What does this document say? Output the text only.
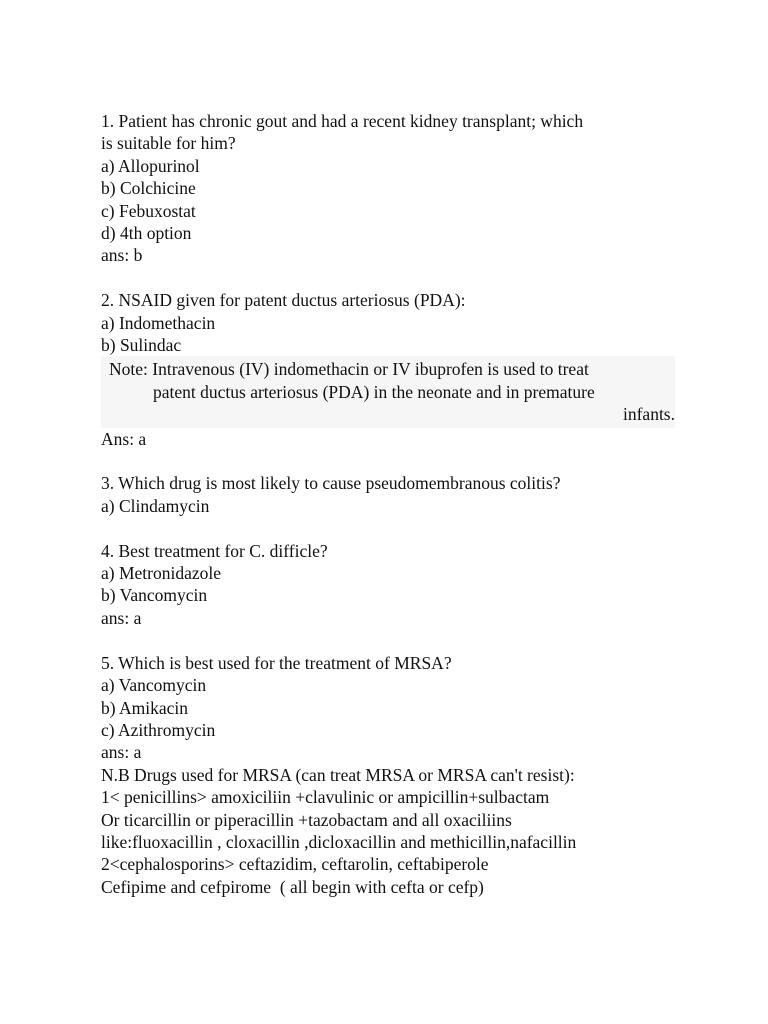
1. Patient has chronic gout and had a recent kidney transplant; which
is suitable for him?
a) Allopurinol
b) Colchicine
c) Febuxostat
d) 4th option
ans: b
2. NSAID given for patent ductus arteriosus (PDA):
a) Indomethacin
b) Sulindac
Note: Intravenous (IV) indomethacin or IV ibuprofen is used to treat
patent ductus arteriosus (PDA) in the neonate and in premature
infants.
Ans: a
3. Which drug is most likely to cause pseudomembranous colitis?
a) Clindamycin
4. Best treatment for C. difficle?
a) Metronidazole
b) Vancomycin
ans: a
5. Which is best used for the treatment of MRSA?
a) Vancomycin
b) Amikacin
c) Azithromycin
ans: a
N.B Drugs used for MRSA (can treat MRSA or MRSA can't resist):
1< penicillins> amoxiciliin +clavulinic or ampicillin+sulbactam
Or ticarcillin or piperacillin +tazobactam and all oxaciliins
like:fluoxacillin , cloxacillin ,dicloxacillin and methicillin,nafacillin
2<cephalosporins> ceftazidim, ceftarolin, ceftabiperole
Cefipime and cefpirome  ( all begin with cefta or cefp)
